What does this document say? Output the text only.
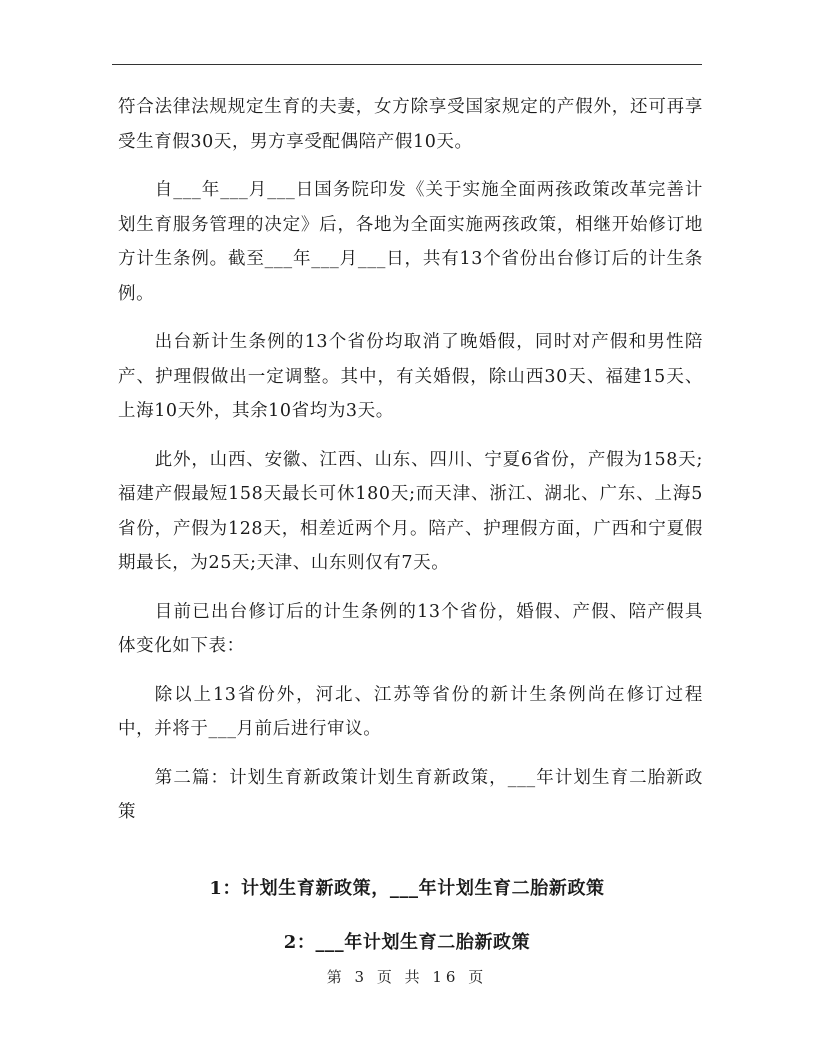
符合法律法规规定生育的夫妻，女方除享受国家规定的产假外，还可再享受生育假30天，男方享受配偶陪产假10天。

自___年___月___日国务院印发《关于实施全面两孩政策改革完善计划生育服务管理的决定》后，各地为全面实施两孩政策，相继开始修订地方计生条例。截至___年___月___日，共有13个省份出台修订后的计生条例。

出台新计生条例的13个省份均取消了晚婚假，同时对产假和男性陪产、护理假做出一定调整。其中，有关婚假，除山西30天、福建15天、上海10天外，其余10省均为3天。

此外，山西、安徽、江西、山东、四川、宁夏6省份，产假为158天;福建产假最短158天最长可休180天;而天津、浙江、湖北、广东、上海5省份，产假为128天，相差近两个月。陪产、护理假方面，广西和宁夏假期最长，为25天;天津、山东则仅有7天。

目前已出台修订后的计生条例的13个省份，婚假、产假、陪产假具体变化如下表：

除以上13省份外，河北、江苏等省份的新计生条例尚在修订过程中，并将于___月前后进行审议。

第二篇：计划生育新政策计划生育新政策，___年计划生育二胎新政策

1：计划生育新政策，___年计划生育二胎新政策

2：___年计划生育二胎新政策

第 3 页 共 16 页
